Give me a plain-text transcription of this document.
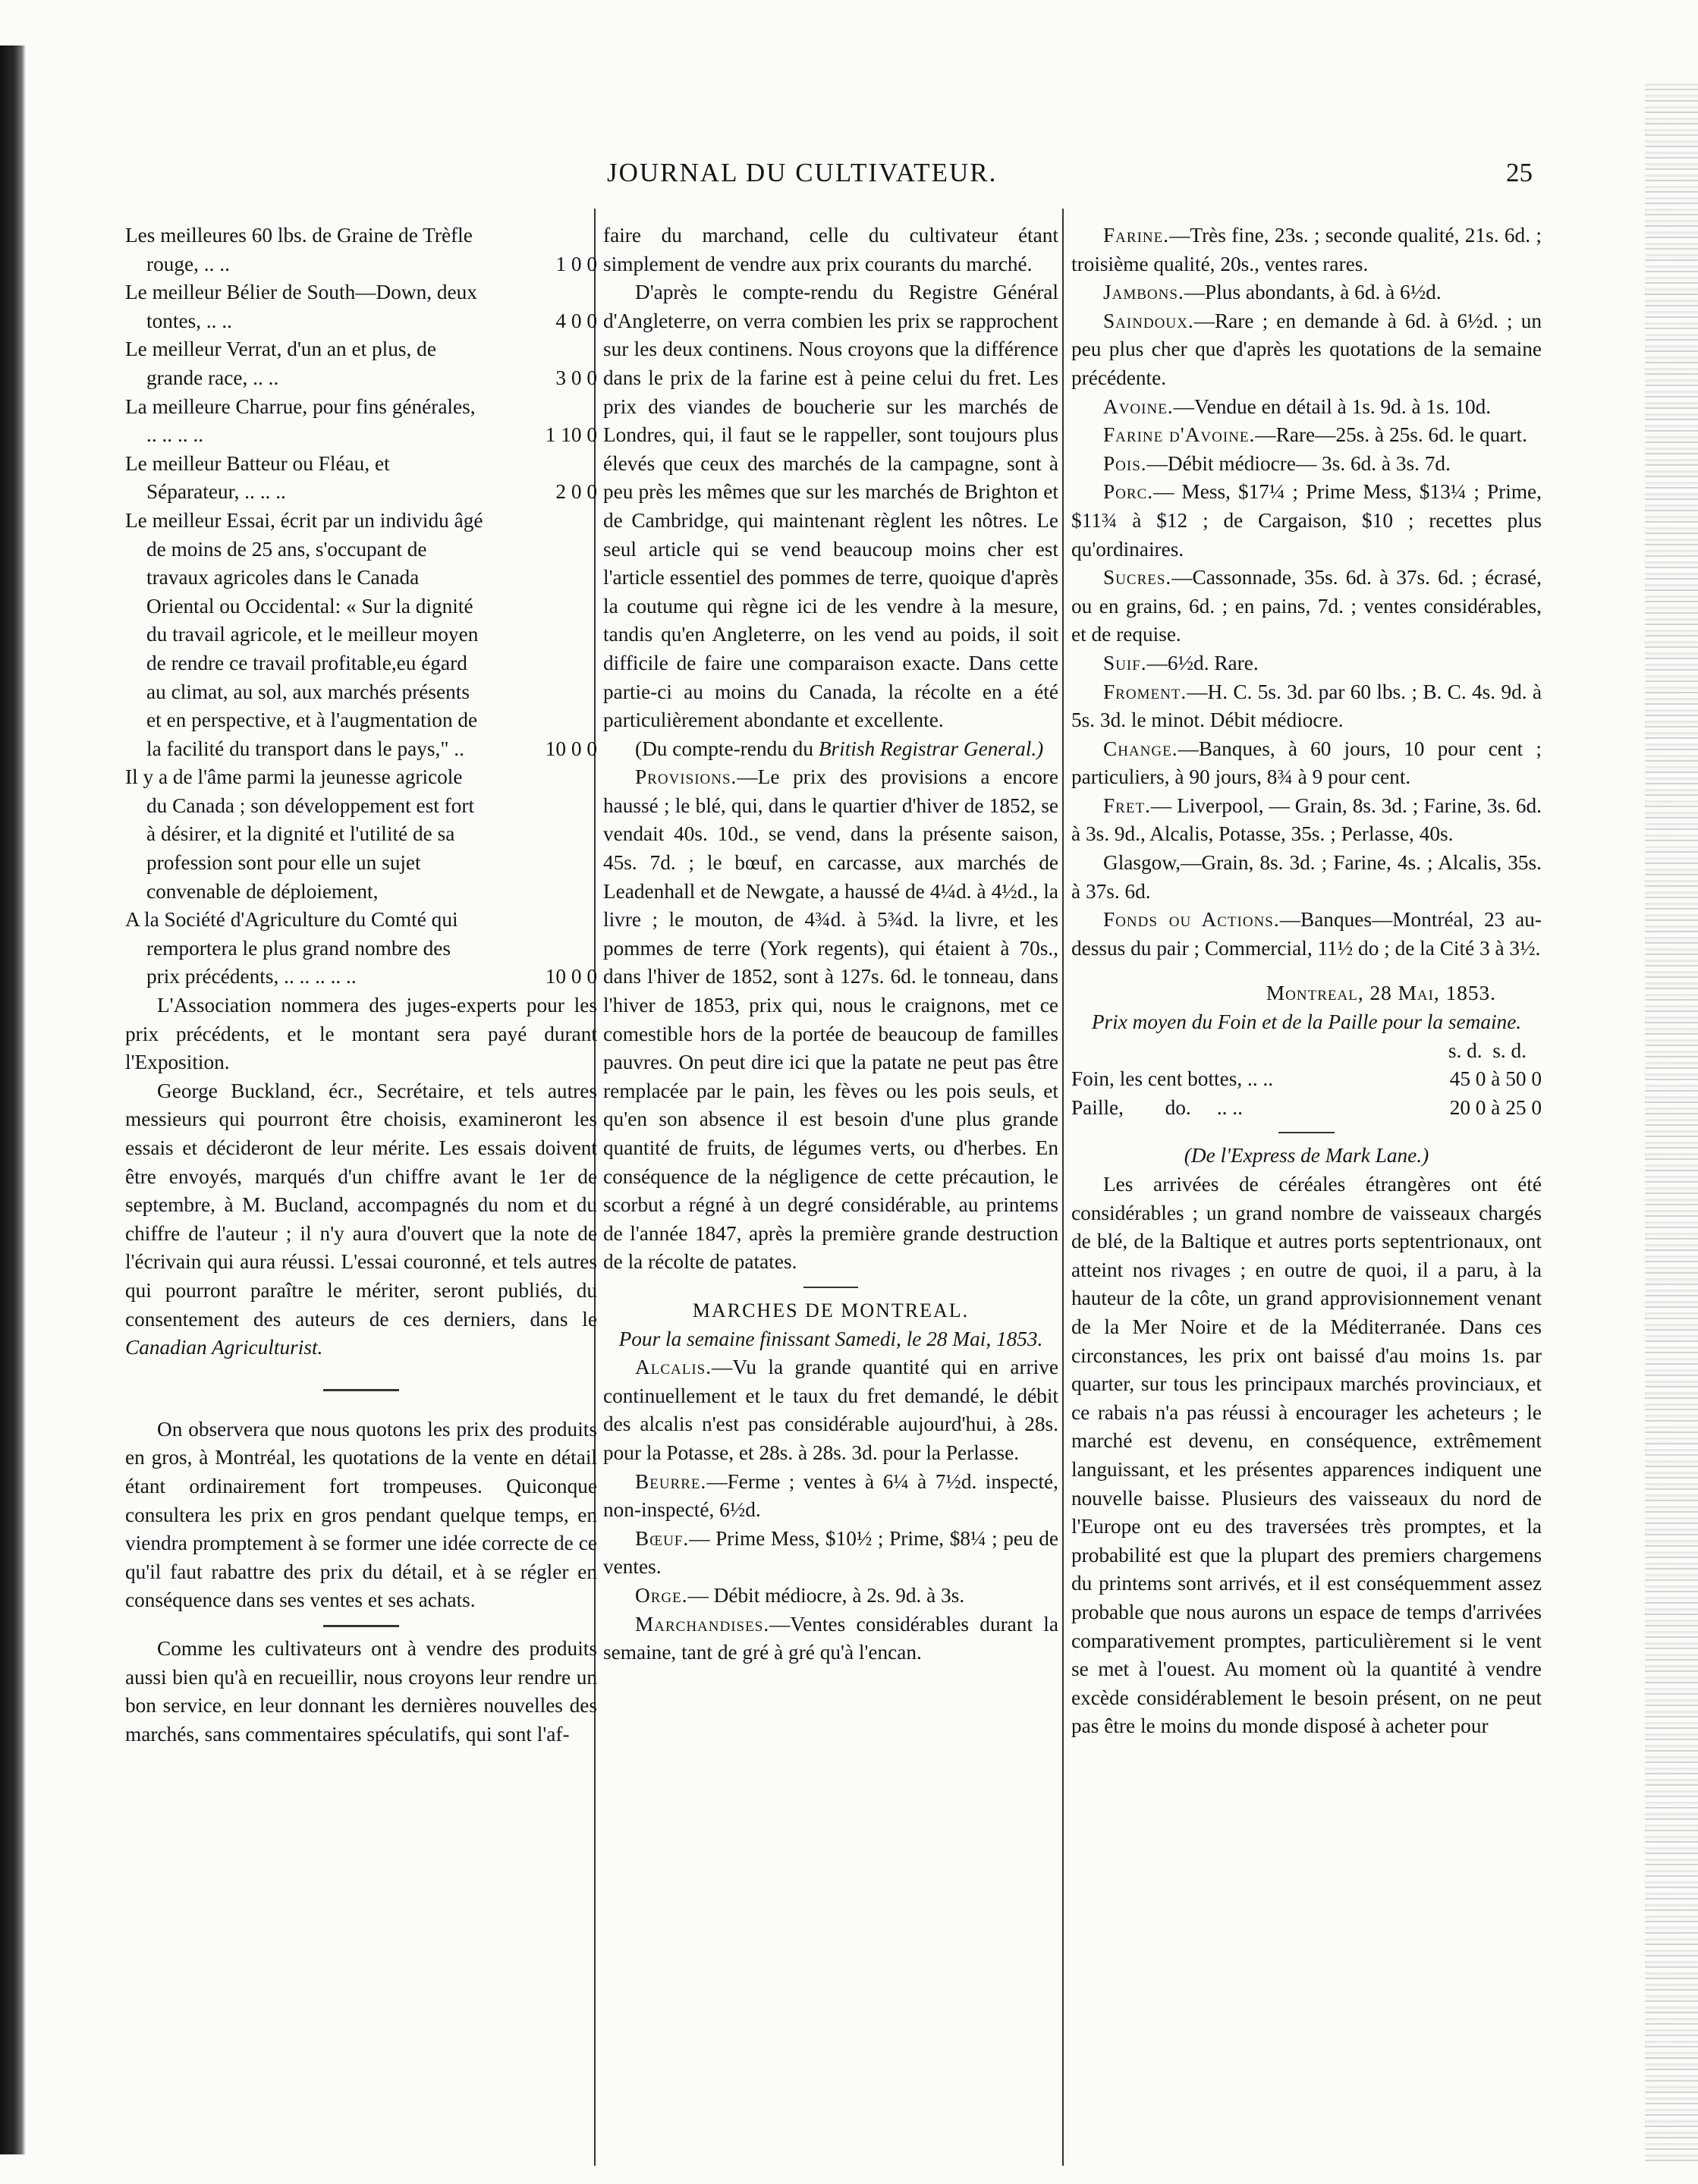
JOURNAL DU CULTIVATEUR.	25

Les meilleures 60 lbs. de Graine de Trèfle rouge, .. ..	1 0 0

Le meilleur Bélier de South—Down, deux tontes, .. ..	4 0 0

Le meilleur Verrat, d'un an et plus, de grande race, .. ..	3 0 0

La meilleure Charrue, pour fins générales, .. .. .. ..	1 10 0

Le meilleur Batteur ou Fléau, et Séparateur, .. .. ..	2 0 0

Le meilleur Essai, écrit par un individu âgé de moins de 25 ans, s'occupant de travaux agricoles dans le Canada Oriental ou Occidental: « Sur la dignité du travail agricole, et le meilleur moyen de rendre ce travail profitable,eu égard au climat, au sol, aux marchés présents et en perspective, et à l'augmentation de la facilité du transport dans le pays," ..	10 0 0

Il y a de l'âme parmi la jeunesse agricole du Canada ; son développement est fort à désirer, et la dignité et l'utilité de sa profession sont pour elle un sujet convenable de déploiement,

A la Société d'Agriculture du Comté qui remportera le plus grand nombre des prix précédents, .. .. .. .. ..	10 0 0

L'Association nommera des juges-experts pour les prix précédents, et le montant sera payé durant l'Exposition.

George Buckland, écr., Secrétaire, et tels autres messieurs qui pourront être choisis, examineront les essais et décideront de leur mérite. Les essais doivent être envoyés, marqués d'un chiffre avant le 1er de septembre, à M. Bucland, accompagnés du nom et du chiffre de l'auteur ; il n'y aura d'ouvert que la note de l'écrivain qui aura réussi. L'essai couronné, et tels autres qui pourront paraître le mériter, seront publiés, du consentement des auteurs de ces derniers, dans le Canadian Agriculturist.

On observera que nous quotons les prix des produits en gros, à Montréal, les quotations de la vente en détail étant ordinairement fort trompeuses. Quiconque consultera les prix en gros pendant quelque temps, en viendra promptement à se former une idée correcte de ce qu'il faut rabattre des prix du détail, et à se régler en conséquence dans ses ventes et ses achats.

Comme les cultivateurs ont à vendre des produits aussi bien qu'à en recueillir, nous croyons leur rendre un bon service, en leur donnant les dernières nouvelles des marchés, sans commentaires spéculatifs, qui sont l'af-

faire du marchand, celle du cultivateur étant simplement de vendre aux prix courants du marché.

D'après le compte-rendu du Registre Général d'Angleterre, on verra combien les prix se rapprochent sur les deux continens. Nous croyons que la différence dans le prix de la farine est à peine celui du fret. Les prix des viandes de boucherie sur les marchés de Londres, qui, il faut se le rappeller, sont toujours plus élevés que ceux des marchés de la campagne, sont à peu près les mêmes que sur les marchés de Brighton et de Cambridge, qui maintenant règlent les nôtres. Le seul article qui se vend beaucoup moins cher est l'article essentiel des pommes de terre, quoique d'après la coutume qui règne ici de les vendre à la mesure, tandis qu'en Angleterre, on les vend au poids, il soit difficile de faire une comparaison exacte. Dans cette partie-ci au moins du Canada, la récolte en a été particulièrement abondante et excellente.

(Du compte-rendu du British Registrar General.)

Provisions.—Le prix des provisions a encore haussé ; le blé, qui, dans le quartier d'hiver de 1852, se vendait 40s. 10d., se vend, dans la présente saison, 45s. 7d. ; le bœuf, en carcasse, aux marchés de Leadenhall et de Newgate, a haussé de 4¼d. à 4½d., la livre ; le mouton, de 4¾d. à 5¾d. la livre, et les pommes de terre (York regents), qui étaient à 70s., dans l'hiver de 1852, sont à 127s. 6d. le tonneau, dans l'hiver de 1853, prix qui, nous le craignons, met ce comestible hors de la portée de beaucoup de familles pauvres. On peut dire ici que la patate ne peut pas être remplacée par le pain, les fèves ou les pois seuls, et qu'en son absence il est besoin d'une plus grande quantité de fruits, de légumes verts, ou d'herbes. En conséquence de la négligence de cette précaution, le scorbut a régné à un degré considérable, au printems de l'année 1847, après la première grande destruction de la récolte de patates.

MARCHES DE MONTREAL.

Pour la semaine finissant Samedi, le 28 Mai, 1853.

Alcalis.—Vu la grande quantité qui en arrive continuellement et le taux du fret demandé, le débit des alcalis n'est pas considérable aujourd'hui, à 28s. pour la Potasse, et 28s. à 28s. 3d. pour la Perlasse.

Beurre.—Ferme ; ventes à 6¼ à 7½d. inspecté, non-inspecté, 6½d.

Bœuf.— Prime Mess, $10½ ; Prime, $8¼ ; peu de ventes.

Orge.— Débit médiocre, à 2s. 9d. à 3s.

Marchandises.—Ventes considérables durant la semaine, tant de gré à gré qu'à l'encan.

Farine.—Très fine, 23s. ; seconde qualité, 21s. 6d. ; troisième qualité, 20s., ventes rares.

Jambons.—Plus abondants, à 6d. à 6½d.

Saindoux.—Rare ; en demande à 6d. à 6½d. ; un peu plus cher que d'après les quotations de la semaine précédente.

Avoine.—Vendue en détail à 1s. 9d. à 1s. 10d.

Farine d'Avoine.—Rare—25s. à 25s. 6d. le quart.

Pois.—Débit médiocre— 3s. 6d. à 3s. 7d.

Porc.— Mess, $17¼ ; Prime Mess, $13¼ ; Prime, $11¾ à $12 ; de Cargaison, $10 ; recettes plus qu'ordinaires.

Sucres.—Cassonnade, 35s. 6d. à 37s. 6d. ; écrasé, ou en grains, 6d. ; en pains, 7d. ; ventes considérables, et de requise.

Suif.—6½d. Rare.

Froment.—H. C. 5s. 3d. par 60 lbs. ; B. C. 4s. 9d. à 5s. 3d. le minot. Débit médiocre.

Change.—Banques, à 60 jours, 10 pour cent ; particuliers, à 90 jours, 8¾ à 9 pour cent.

Fret.— Liverpool, — Grain, 8s. 3d. ; Farine, 3s. 6d. à 3s. 9d., Alcalis, Potasse, 35s. ; Perlasse, 40s.

Glasgow,—Grain, 8s. 3d. ; Farine, 4s. ; Alcalis, 35s. à 37s. 6d.

Fonds ou Actions.—Banques—Montréal, 23 au-dessus du pair ; Commercial, 11½ do ; de la Cité 3 à 3½.

Montreal, 28 Mai, 1853.

Prix moyen du Foin et de la Paille pour la semaine.

s. d.  s. d.

Foin, les cent bottes, .. ..	45 0 à 50 0
Paille,        do.     .. ..	20 0 à 25 0

(De l'Express de Mark Lane.)

Les arrivées de céréales étrangères ont été considérables ; un grand nombre de vaisseaux chargés de blé, de la Baltique et autres ports septentrionaux, ont atteint nos rivages ; en outre de quoi, il a paru, à la hauteur de la côte, un grand approvisionnement venant de la Mer Noire et de la Méditerranée. Dans ces circonstances, les prix ont baissé d'au moins 1s. par quarter, sur tous les principaux marchés provinciaux, et ce rabais n'a pas réussi à encourager les acheteurs ; le marché est devenu, en conséquence, extrêmement languissant, et les présentes apparences indiquent une nouvelle baisse. Plusieurs des vaisseaux du nord de l'Europe ont eu des traversées très promptes, et la probabilité est que la plupart des premiers chargemens du printems sont arrivés, et il est conséquemment assez probable que nous aurons un espace de temps d'arrivées comparativement promptes, particulièrement si le vent se met à l'ouest. Au moment où la quantité à vendre excède considérablement le besoin présent, on ne peut pas être le moins du monde disposé à acheter pour
